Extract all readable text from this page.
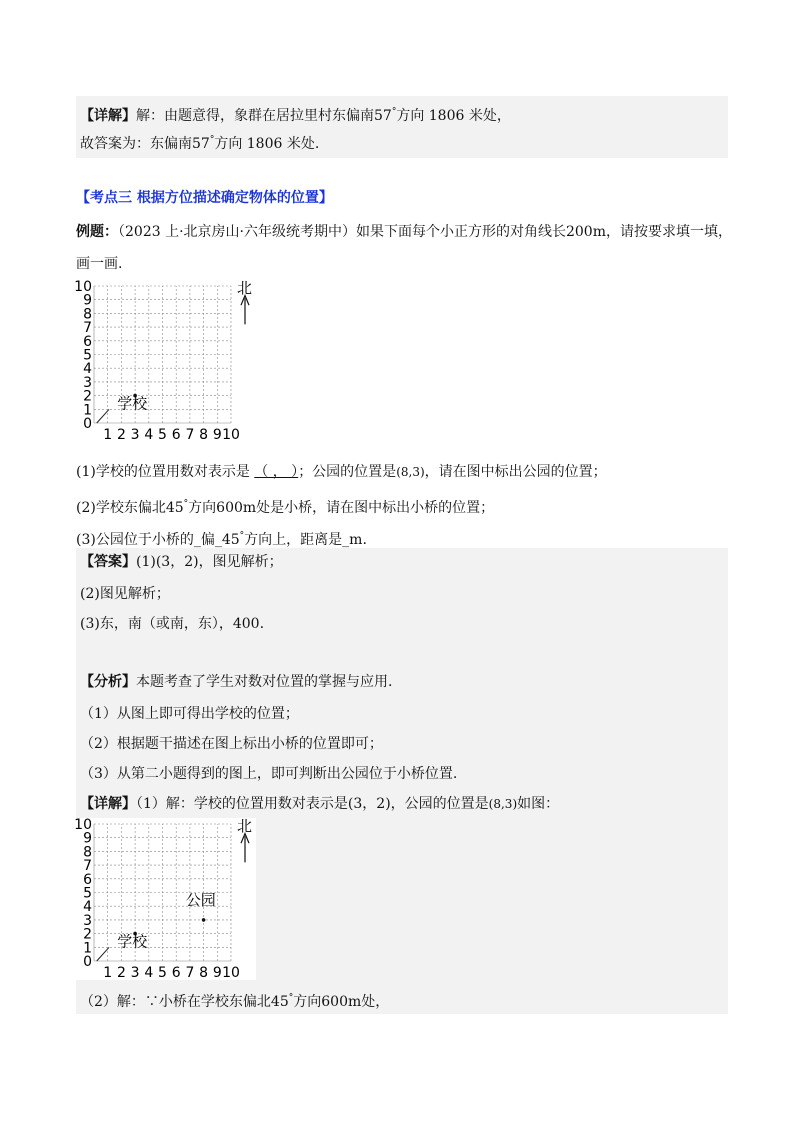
【详解】解：由题意得，象群在居拉里村东偏南57°方向 1806 米处，
故答案为：东偏南57°方向 1806 米处.
【考点三 根据方位描述确定物体的位置】
例题：（2023 上·北京房山·六年级统考期中）如果下面每个小正方形的对角线长200m，请按要求填一填，
画一画.
0
1
2
3
4
5
6
7
8
9
10
1 2 3 4 5 6 7 8 9 10
学校
北
(1)学校的位置用数对表示是 （ ， ）；公园的位置是(8,3)，请在图中标出公园的位置；
(2)学校东偏北45°方向600m处是小桥，请在图中标出小桥的位置；
(3)公园位于小桥的_偏_45°方向上，距离是_m.
【答案】(1)(3，2)，图见解析；
(2)图见解析；
(3)东，南（或南，东），400.
【分析】本题考查了学生对数对位置的掌握与应用.
（1）从图上即可得出学校的位置；
（2）根据题干描述在图上标出小桥的位置即可；
（3）从第二小题得到的图上，即可判断出公园位于小桥位置.
【详解】（1）解：学校的位置用数对表示是(3，2)，公园的位置是(8,3)如图：
0
1
2
3
4
5
6
7
8
9
10
1 2 3 4 5 6 7 8 9 10
学校
公园
北
（2）解：∵小桥在学校东偏北45°方向600m处，
